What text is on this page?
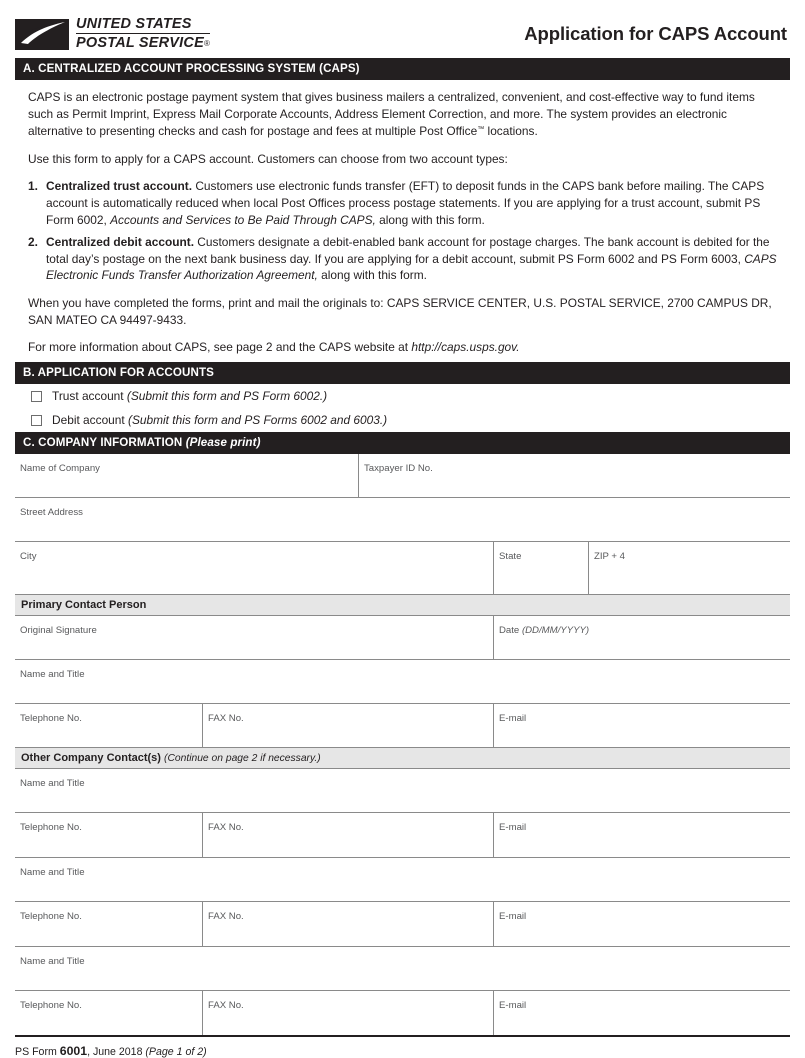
UNITED STATES
POSTAL SERVICE®	Application for CAPS Account
A. CENTRALIZED ACCOUNT PROCESSING SYSTEM (CAPS)

CAPS is an electronic postage payment system that gives business mailers a centralized, convenient, and cost-effective way to fund items such as Permit Imprint, Express Mail Corporate Accounts, Address Element Correction, and more. The system provides an electronic alternative to presenting checks and cash for postage and fees at multiple Post Office™ locations.

Use this form to apply for a CAPS account. Customers can choose from two account types:

1. Centralized trust account. Customers use electronic funds transfer (EFT) to deposit funds in the CAPS bank before mailing. The CAPS account is automatically reduced when local Post Offices process postage statements. If you are applying for a trust account, submit PS Form 6002, Accounts and Services to Be Paid Through CAPS, along with this form.
2. Centralized debit account. Customers designate a debit-enabled bank account for postage charges. The bank account is debited for the total day’s postage on the next bank business day. If you are applying for a debit account, submit PS Form 6002 and PS Form 6003, CAPS Electronic Funds Transfer Authorization Agreement, along with this form.

When you have completed the forms, print and mail the originals to: CAPS SERVICE CENTER, U.S. POSTAL SERVICE, 2700 CAMPUS DR, SAN MATEO CA 94497-9433.

For more information about CAPS, see page 2 and the CAPS website at http://caps.usps.gov.

B. APPLICATION FOR ACCOUNTS
Trust account (Submit this form and PS Form 6002.)
Debit account (Submit this form and PS Forms 6002 and 6003.)
C. COMPANY INFORMATION (Please print)
Name of Company	Taxpayer ID No.
Street Address
City	State	ZIP + 4
Primary Contact Person
Original Signature	Date (DD/MM/YYYY)
Name and Title
Telephone No.	FAX No.	E-mail
Other Company Contact(s) (Continue on page 2 if necessary.)
Name and Title
Telephone No.	FAX No.	E-mail
Name and Title
Telephone No.	FAX No.	E-mail
Name and Title
Telephone No.	FAX No.	E-mail
PS Form 6001, June 2018 (Page 1 of 2)
